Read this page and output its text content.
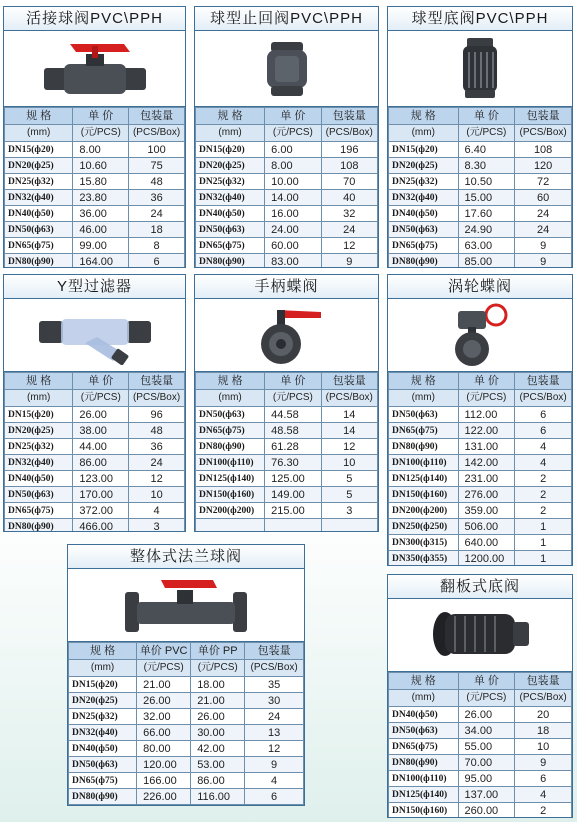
活接球阀PVC\PPH
规 格	单 价	包装量
(mm)	(元/PCS)	(PCS/Box)
DN15(ф20)	8.00	100
DN20(ф25)	10.60	75
DN25(ф32)	15.80	48
DN32(ф40)	23.80	36
DN40(ф50)	36.00	24
DN50(ф63)	46.00	18
DN65(ф75)	99.00	8
DN80(ф90)	164.00	6

球型止回阀PVC\PPH
规 格	单 价	包装量
(mm)	(元/PCS)	(PCS/Box)
DN15(ф20)	6.00	196
DN20(ф25)	8.00	108
DN25(ф32)	10.00	70
DN32(ф40)	14.00	40
DN40(ф50)	16.00	32
DN50(ф63)	24.00	24
DN65(ф75)	60.00	12
DN80(ф90)	83.00	9

球型底阀PVC\PPH
规 格	单 价	包装量
(mm)	(元/PCS)	(PCS/Box)
DN15(ф20)	6.40	108
DN20(ф25)	8.30	120
DN25(ф32)	10.50	72
DN32(ф40)	15.00	60
DN40(ф50)	17.60	24
DN50(ф63)	24.90	24
DN65(ф75)	63.00	9
DN80(ф90)	85.00	9

Y型过滤器
规 格	单 价	包装量
(mm)	(元/PCS)	(PCS/Box)
DN15(ф20)	26.00	96
DN20(ф25)	38.00	48
DN25(ф32)	44.00	36
DN32(ф40)	86.00	24
DN40(ф50)	123.00	12
DN50(ф63)	170.00	10
DN65(ф75)	372.00	4
DN80(ф90)	466.00	3

手柄蝶阀
规 格	单 价	包装量
(mm)	(元/PCS)	(PCS/Box)
DN50(ф63)	44.58	14
DN65(ф75)	48.58	14
DN80(ф90)	61.28	12
DN100(ф110)	76.30	10
DN125(ф140)	125.00	5
DN150(ф160)	149.00	5
DN200(ф200)	215.00	3

涡轮蝶阀
规 格	单 价	包装量
(mm)	(元/PCS)	(PCS/Box)
DN50(ф63)	112.00	6
DN65(ф75)	122.00	6
DN80(ф90)	131.00	4
DN100(ф110)	142.00	4
DN125(ф140)	231.00	2
DN150(ф160)	276.00	2
DN200(ф200)	359.00	2
DN250(ф250)	506.00	1
DN300(ф315)	640.00	1
DN350(ф355)	1200.00	1

整体式法兰球阀
规 格	单价 PVC	单价 PP	包装量
(mm)	(元/PCS)	(元/PCS)	(PCS/Box)
DN15(ф20)	21.00	18.00	35
DN20(ф25)	26.00	21.00	30
DN25(ф32)	32.00	26.00	24
DN32(ф40)	66.00	30.00	13
DN40(ф50)	80.00	42.00	12
DN50(ф63)	120.00	53.00	9
DN65(ф75)	166.00	86.00	4
DN80(ф90)	226.00	116.00	6

翻板式底阀
规 格	单 价	包装量
(mm)	(元/PCS)	(PCS/Box)
DN40(ф50)	26.00	20
DN50(ф63)	34.00	18
DN65(ф75)	55.00	10
DN80(ф90)	70.00	9
DN100(ф110)	95.00	6
DN125(ф140)	137.00	4
DN150(ф160)	260.00	2
